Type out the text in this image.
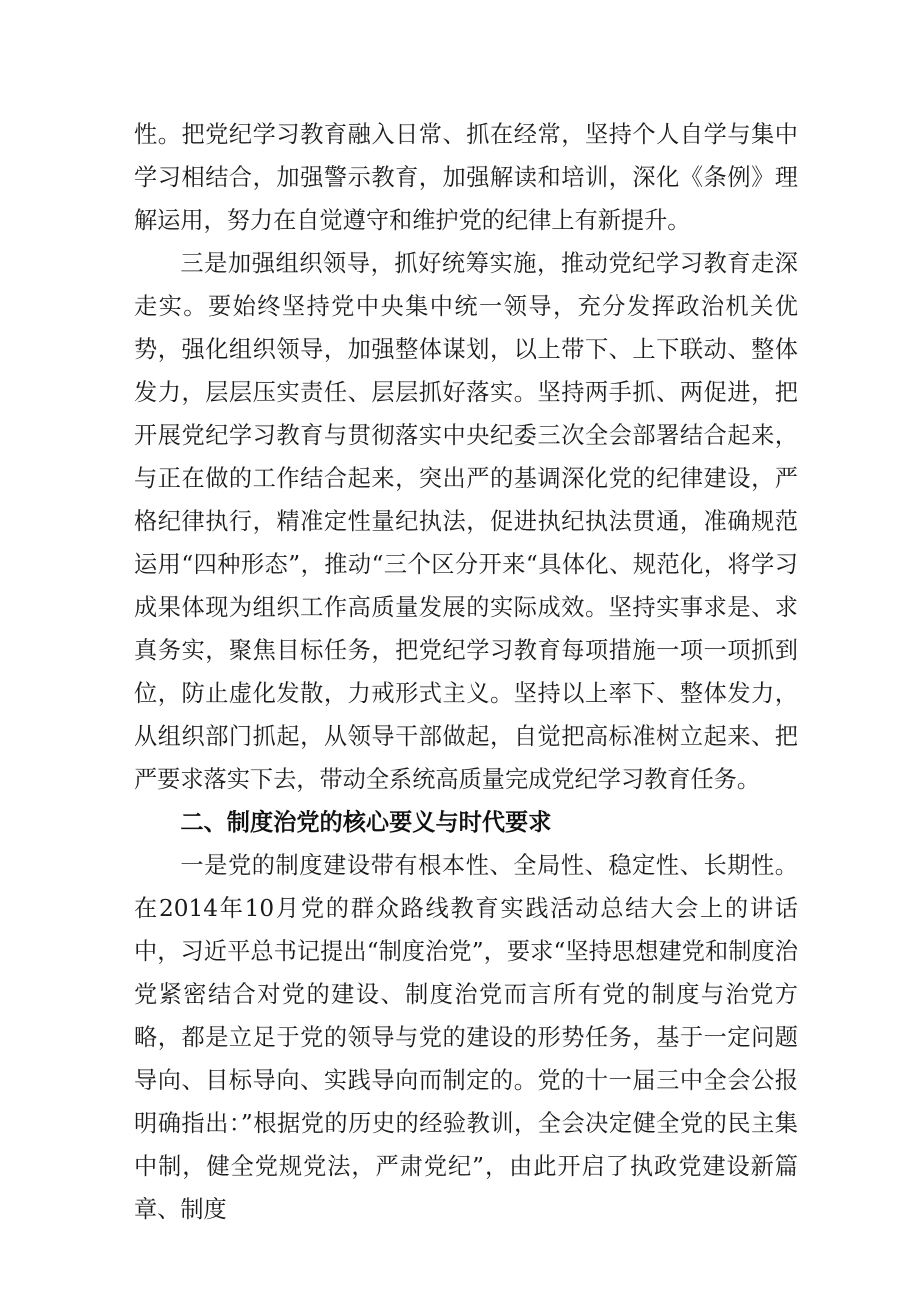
性。把党纪学习教育融入日常、抓在经常，坚持个人自学与集中学习相结合，加强警示教育，加强解读和培训，深化《条例》理解运用，努力在自觉遵守和维护党的纪律上有新提升。

三是加强组织领导，抓好统筹实施，推动党纪学习教育走深走实。要始终坚持党中央集中统一领导，充分发挥政治机关优势，强化组织领导，加强整体谋划，以上带下、上下联动、整体发力，层层压实责任、层层抓好落实。坚持两手抓、两促进，把开展党纪学习教育与贯彻落实中央纪委三次全会部署结合起来，与正在做的工作结合起来，突出严的基调深化党的纪律建设，严格纪律执行，精准定性量纪执法，促进执纪执法贯通，准确规范运用“四种形态”，推动“三个区分开来“具体化、规范化，将学习成果体现为组织工作高质量发展的实际成效。坚持实事求是、求真务实，聚焦目标任务，把党纪学习教育每项措施一项一项抓到位，防止虚化发散，力戒形式主义。坚持以上率下、整体发力，从组织部门抓起，从领导干部做起，自觉把高标准树立起来、把严要求落实下去，带动全系统高质量完成党纪学习教育任务。

二、制度治党的核心要义与时代要求

一是党的制度建设带有根本性、全局性、稳定性、长期性。在2014年10月党的群众路线教育实践活动总结大会上的讲话中，习近平总书记提出“制度治党”，要求“坚持思想建党和制度治党紧密结合对党的建设、制度治党而言所有党的制度与治党方略，都是立足于党的领导与党的建设的形势任务，基于一定问题导向、目标导向、实践导向而制定的。党的十一届三中全会公报明确指出：”根据党的历史的经验教训，全会决定健全党的民主集中制，健全党规党法，严肃党纪”，由此开启了执政党建设新篇章、制度
